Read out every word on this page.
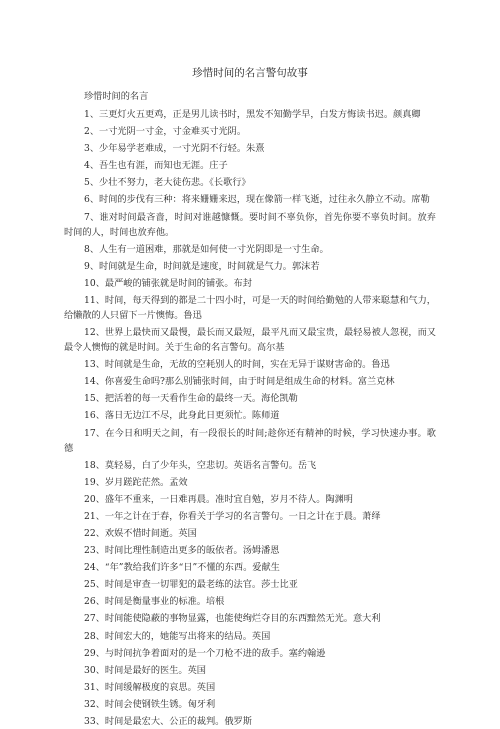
珍惜时间的名言警句故事
珍惜时间的名言
1、三更灯火五更鸡，正是男儿读书时，黑发不知勤学早，白发方悔读书迟。颜真卿
2、一寸光阴一寸金，寸金难买寸光阴。
3、少年易学老难成，一寸光阴不行轻。朱熹
4、吾生也有涯，而知也无涯。庄子
5、少壮不努力，老大徒伤悲。《长歌行》
6、时间的步伐有三种：将来姗姗来迟，现在像箭一样飞逝，过往永久静立不动。席勒
7、谁对时间最吝啬，时间对谁越慷慨。要时间不辜负你，首先你要不辜负时间。放弃时间的人，时间也放弃他。
8、人生有一道困难，那就是如何使一寸光阴即是一寸生命。
9、时间就是生命，时间就是速度，时间就是气力。郭沫若
10、最严峻的铺张就是时间的铺张。布封
11、时间，每天得到的都是二十四小时，可是一天的时间给勤勉的人带来聪慧和气力，给懒散的人只留下一片懊悔。鲁迅
12、世界上最快而又最慢，最长而又最短，最平凡而又最宝贵，最轻易被人忽视，而又最令人懊悔的就是时间。关于生命的名言警句。高尔基
13、时间就是生命，无故的空耗别人的时间，实在无异于谋财害命的。鲁迅
14、你喜爱生命吗?那么别铺张时间，由于时间是组成生命的材料。富兰克林
15、把活着的每一天看作生命的最终一天。海伦凯勒
16、落日无边江不尽，此身此日更须忙。陈师道
17、在今日和明天之间，有一段很长的时间;趁你还有精神的时候，学习快速办事。歌德
18、莫轻易，白了少年头，空悲切。英语名言警句。岳飞
19、岁月蹉跎茫然。孟效
20、盛年不重来，一日难再晨。准时宜自勉，岁月不待人。陶渊明
21、一年之计在于春，你看关于学习的名言警句。一日之计在于晨。萧绎
22、欢娱不惜时间逝。英国
23、时间比理性制造出更多的皈依者。汤姆潘恩
24、“年”教给我们许多“日”不懂的东西。爱献生
25、时间是审查一切罪犯的最老练的法官。莎士比亚
26、时间是衡量事业的标准。培根
27、时间能使隐蔽的事物显露，也能使绚烂夺目的东西黯然无光。意大利
28、时间宏大的，她能写出将来的结局。英国
29、与时间抗争着面对的是一个刀枪不进的敌手。塞约翰逊
30、时间是最好的医生。英国
31、时间缓解极度的哀思。英国
32、时间会使钢铁生锈。匈牙利
33、时间是最宏大、公正的裁判。俄罗斯
